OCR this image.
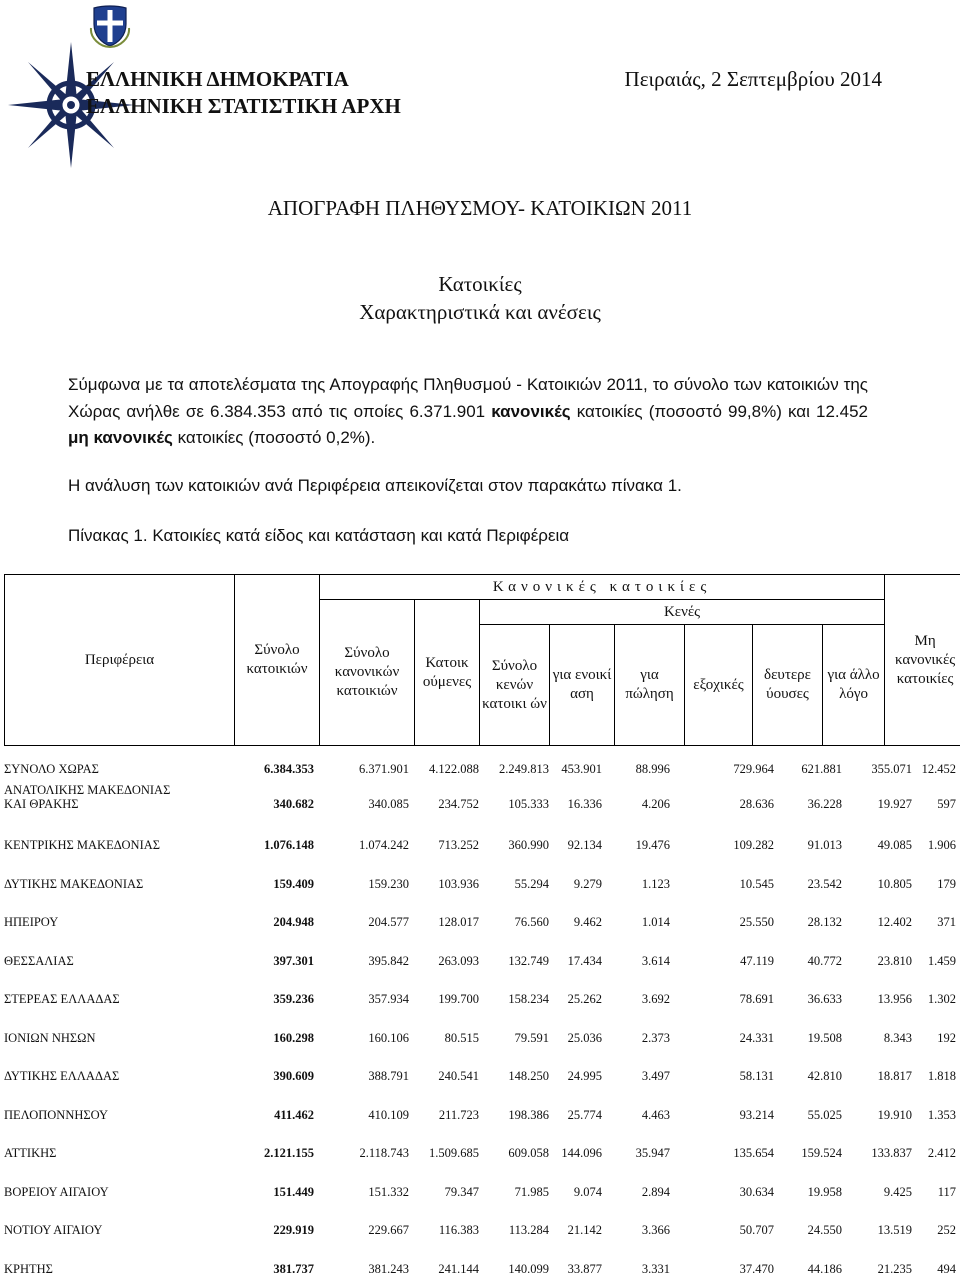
ΕΛΛΗΝΙΚΗ ΔΗΜΟΚΡΑΤΙΑ
ΕΛΛΗΝΙΚΗ ΣΤΑΤΙΣΤΙΚΗ ΑΡΧΗ
Πειραιάς, 2 Σεπτεμβρίου 2014
ΑΠΟΓΡΑΦΗ ΠΛΗΘΥΣΜΟΥ- ΚΑΤΟΙΚΙΩΝ 2011
Κατοικίες
Χαρακτηριστικά και ανέσεις
Σύμφωνα με τα αποτελέσματα της Απογραφής Πληθυσμού - Κατοικιών 2011, το σύνολο των κατοικιών της Χώρας ανήλθε σε 6.384.353 από τις οποίες 6.371.901 κανονικές κατοικίες (ποσοστό 99,8%) και 12.452 μη κανονικές κατοικίες (ποσοστό 0,2%).
Η ανάλυση των κατοικιών ανά Περιφέρεια απεικονίζεται στον παρακάτω πίνακα 1.
Πίνακας 1. Κατοικίες κατά είδος και κατάσταση και κατά Περιφέρεια
Περιφέρεια	Σύνολο κατοικιών	Κανονικές κατοικίες								Μη κανονικές κατοικίες
		Σύνολο κανονικών κατοικιών	Κατοικ ούμενες	Κενές						
				Σύνολο κενών κατοικι ών	για ενοικί αση	για πώληση	εξοχικές	δευτερε ύουσες	για άλλο λόγο	
ΣΥΝΟΛΟ ΧΩΡΑΣ	6.384.353	6.371.901 4.122.088 2.249.813 453.901	88.996	729.964 621.881 355.071 12.452
ΑΝΑΤΟΛΙΚΗΣ ΜΑΚΕΔΟΝΙΑΣ
ΚΑΙ ΘΡΑΚΗΣ	340.682	340.085 234.752 105.333 16.336	4.206	28.636	36.228	19.927 597
ΚΕΝΤΡΙΚΗΣ ΜΑΚΕΔΟΝΙΑΣ	1.076.148	1.074.242 713.252 360.990 92.134	19.476	109.282	91.013	49.085 1.906
ΔΥΤΙΚΗΣ ΜΑΚΕΔΟΝΙΑΣ	159.409	159.230 103.936	55.294 9.279	1.123	10.545	23.542	10.805 179
ΗΠΕΙΡΟΥ	204.948	204.577 128.017	76.560 9.462	1.014	25.550	28.132	12.402 371
ΘΕΣΣΑΛΙΑΣ	397.301	395.842 263.093 132.749 17.434	3.614	47.119	40.772	23.810 1.459
ΣΤΕΡΕΑΣ ΕΛΛΑΔΑΣ	359.236	357.934 199.700 158.234 25.262	3.692	78.691	36.633	13.956 1.302
ΙΟΝΙΩΝ ΝΗΣΩΝ	160.298	160.106	80.515	79.591 25.036	2.373	24.331	19.508	8.343 192
ΔΥΤΙΚΗΣ ΕΛΛΑΔΑΣ	390.609	388.791 240.541 148.250 24.995	3.497	58.131	42.810	18.817 1.818
ΠΕΛΟΠΟΝΝΗΣΟΥ	411.462	410.109 211.723 198.386 25.774	4.463	93.214	55.025	19.910 1.353
ΑΤΤΙΚΗΣ	2.121.155	2.118.743 1.509.685 609.058 144.096	35.947	135.654 159.524 133.837 2.412
ΒΟΡΕΙΟΥ ΑΙΓΑΙΟΥ	151.449	151.332	79.347	71.985 9.074	2.894	30.634	19.958	9.425 117
ΝΟΤΙΟΥ ΑΙΓΑΙΟΥ	229.919	229.667 116.383 113.284 21.142	3.366	50.707	24.550	13.519 252
ΚΡΗΤΗΣ	381.737	381.243 241.144 140.099 33.877	3.331	37.470	44.186	21.235 494
